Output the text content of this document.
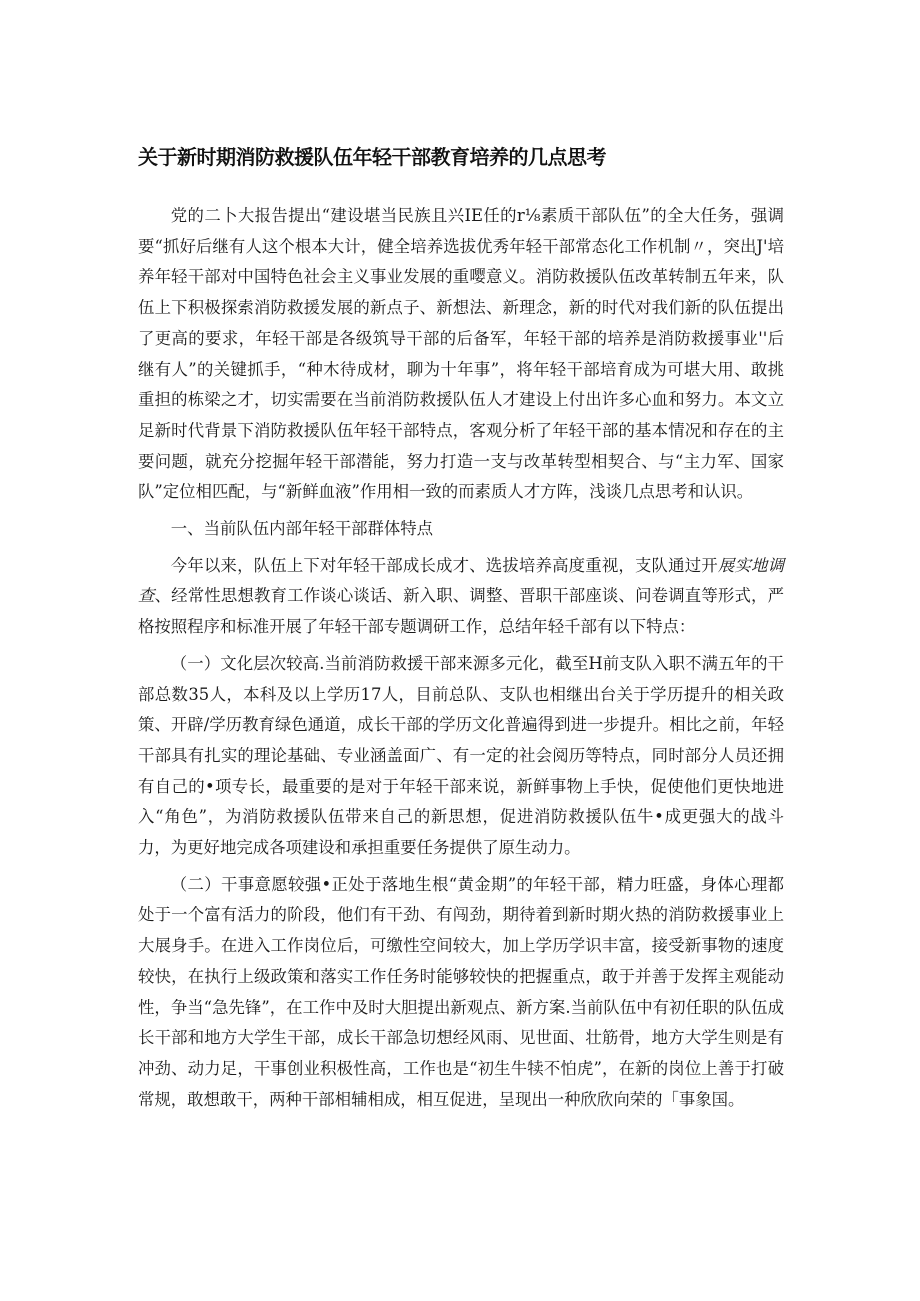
关于新时期消防救援队伍年轻干部教育培养的几点思考

党的二卜大报告提出“建设堪当民族且兴IE任的r⅛素质干部队伍”的全大任务，强调要“抓好后继有人这个根本大计，健全培养选拔优秀年轻干部常态化工作机制〃，突出J'培养年轻干部对中国特色社会主义事业发展的重嘤意义。消防救援队伍改革转制五年来，队伍上下积极探索消防救援发展的新点子、新想法、新理念，新的时代对我们新的队伍提出了更高的要求，年轻干部是各级筑导干部的后备军，年轻干部的培养是消防救援事业''后继有人”的关键抓手，“种木待成材，聊为十年事”，将年轻干部培育成为可堪大用、敢挑重担的栋梁之才，切实需要在当前消防救援队伍人才建设上付出许多心血和努力。本文立足新时代背景下消防救援队伍年轻干部特点，客观分析了年轻干部的基本情况和存在的主要问题，就充分挖掘年轻干部潜能，努力打造一支与改革转型相契合、与“主力军、国家队”定位相匹配，与“新鲜血液”作用相一致的而素质人才方阵，浅谈几点思考和认识。

一、当前队伍内部年轻干部群体特点

今年以来，队伍上下对年轻干部成长成才、选拔培养高度重视，支队通过开展实地调查、经常性思想教育工作谈心谈话、新入职、调整、晋职干部座谈、问卷调直等形式，严格按照程序和标准开展了年轻干部专题调研工作，总结年轻千部有以下特点：

（一）文化层次较高.当前消防救援干部来源多元化，截至H前支队入职不满五年的干部总数35人，本科及以上学历17人，目前总队、支队也相继出台关于学历提升的相关政策、开辟/学历教育绿色通道，成长干部的学历文化普遍得到进一步提升。相比之前，年轻干部具有扎实的理论基础、专业涵盖面广、有一定的社会阅历等特点，同时部分人员还拥有自己的•项专长，最重要的是对于年轻干部来说，新鲜事物上手快，促使他们更快地进入“角色”，为消防救援队伍带来自己的新思想，促进消防救援队伍牛•成更强大的战斗力，为更好地完成各项建设和承担重要任务提供了原生动力。

（二）干事意愿较强•正处于落地生根“黄金期”的年轻干部，精力旺盛，身体心理都处于一个富有活力的阶段，他们有干劲、有闯劲，期待着到新时期火热的消防救援事业上大展身手。在进入工作岗位后，可缴性空间较大，加上学历学识丰富，接受新事物的速度较快，在执行上级政策和落实工作任务时能够较快的把握重点，敢于并善于发挥主观能动性，争当“急先锋”，在工作中及时大胆提出新观点、新方案.当前队伍中有初任职的队伍成长干部和地方大学生干部，成长干部急切想经风雨、见世面、壮筋骨，地方大学生则是有冲劲、动力足，干事创业积极性高，工作也是“初生牛犊不怕虎”，在新的岗位上善于打破常规，敢想敢干，两种干部相辅相成，相互促进，呈现出一种欣欣向荣的「事象国。
